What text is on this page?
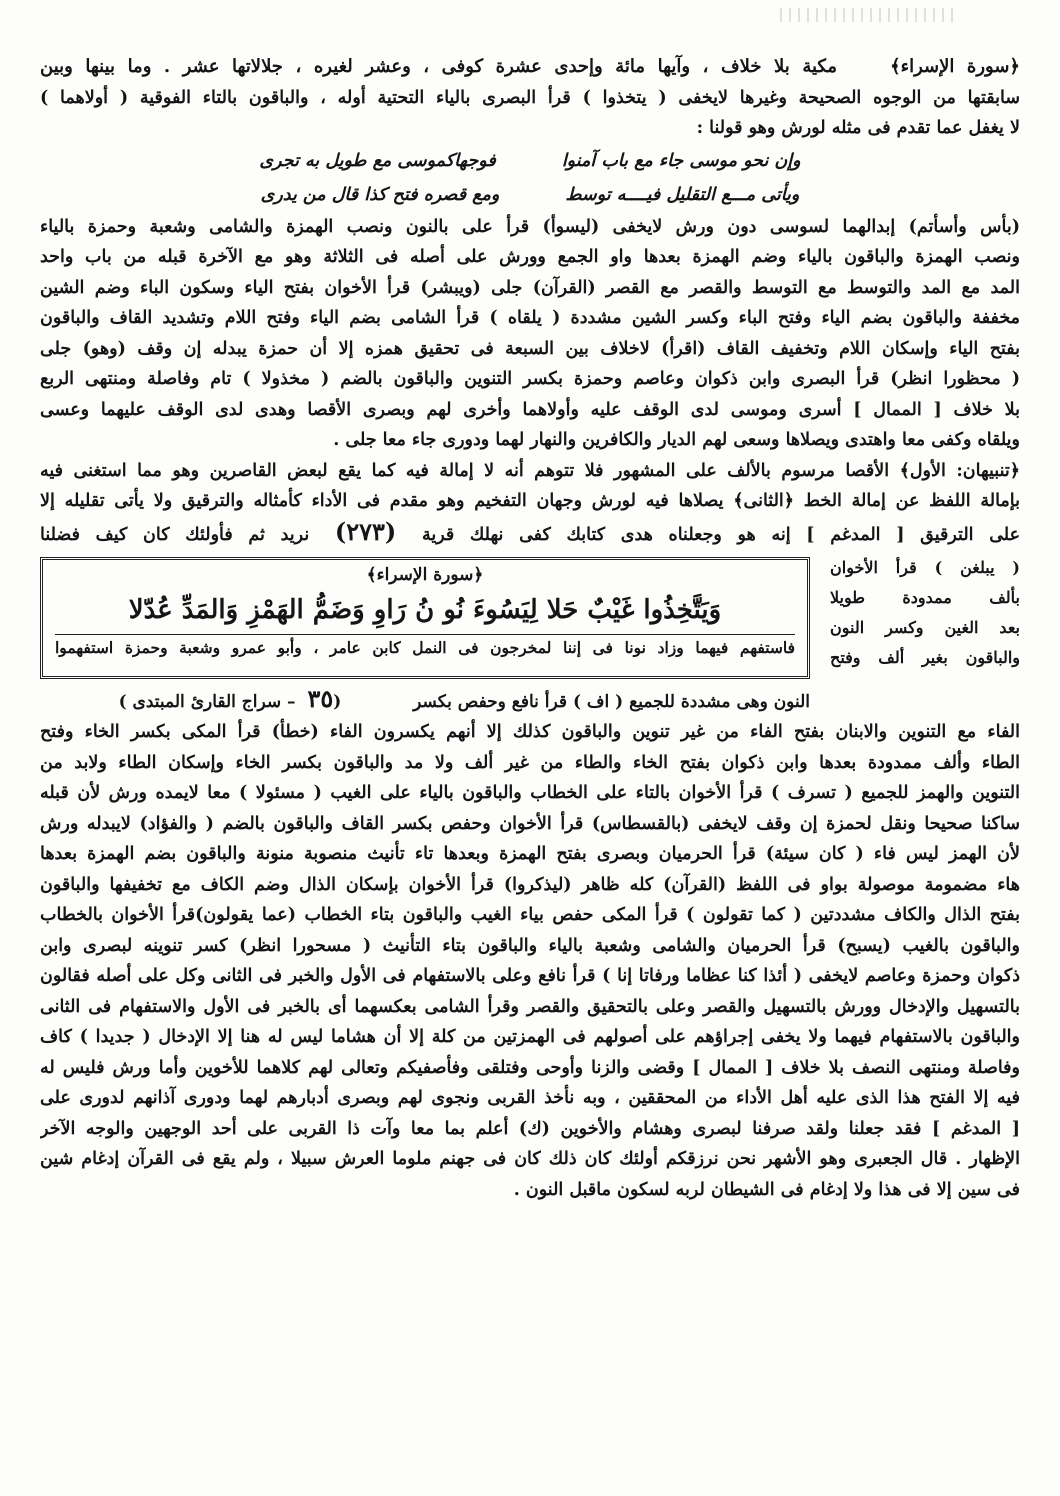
﴿سورة الإسراء﴾  مكية بلا خلاف ، وآيها مائة وإحدى عشرة كوفى ، وعشر لغيره ، جلالاتها عشر . وما بينها وبين
سابقتها من الوجوه الصحيحة وغيرها لايخفى ( يتخذوا ) قرأ البصرى بالياء التحتية أوله ، والباقون بالتاء الفوقية ( أولاهما )
لا يغفل عما تقدم فى مثله لورش وهو قولنا :
وإن نحو موسى جاء مع باب آمنوا فوجهاكموسى مع طويل به تجرى
ويأتى مـــع التقليل فيــــه توسط ومع قصره فتح كذا قال من يدرى
(بأس وأسأتم) إبدالهما لسوسى دون ورش لايخفى (ليسوأ) قرأ على بالنون ونصب الهمزة والشامى وشعبة وحمزة بالياء
ونصب الهمزة والباقون بالياء وضم الهمزة بعدها واو الجمع وورش على أصله فى الثلاثة وهو مع الآخرة قبله من باب واحد
المد مع المد والتوسط مع التوسط والقصر مع القصر (القرآن) جلى (ويبشر) قرأ الأخوان بفتح الياء وسكون الباء وضم الشين
مخففة والباقون بضم الياء وفتح الباء وكسر الشين مشددة ( يلقاه ) قرأ الشامى بضم الياء وفتح اللام وتشديد القاف والباقون
بفتح الياء وإسكان اللام وتخفيف القاف (اقرأ) لاخلاف بين السبعة فى تحقيق همزه إلا أن حمزة يبدله إن وقف (وهو) جلى
( محظورا انظر) قرأ البصرى وابن ذكوان وعاصم وحمزة بكسر التنوين والباقون بالضم ( مخذولا ) تام وفاصلة ومنتهى الربع
بلا خلاف [ الممال ] أسرى وموسى لدى الوقف عليه وأولاهما وأخرى لهم وبصرى الأقصا وهدى لدى الوقف عليهما وعسى
ويلقاه وكفى معا واهتدى ويصلاها وسعى لهم الديار والكافرين والنهار لهما ودورى جاء معا جلى .
﴿تنبيهان: الأول﴾ الأقصا مرسوم بالألف على المشهور فلا تتوهم أنه لا إمالة فيه كما يقع لبعض القاصرين وهو مما استغنى فيه
بإمالة اللفظ عن إمالة الخط ﴿الثانى﴾ يصلاها فيه لورش وجهان التفخيم وهو مقدم فى الأداء كأمثاله والترقيق ولا يأتى تقليله إلا
على الترقيق [ المدغم ] إنه هو وجعلناه هدى كتابك كفى نهلك قرية (٢٧٣) نريد ثم فأولئك كان كيف فضلنا
( يبلغن ) قرأ الأخوان
بألف ممدودة طويلا
بعد الغين وكسر النون
والباقون بغير ألف وفتح
﴿سورة الإسراء﴾
وَيَتَّخِذُوا غَيْبٌ حَلا لِيَسُوءَ نُو نُ رَاوِ وَضَمُّ الهَمْزِ وَالمَدِّ عُدّلا
فاستفهم فيهما وزاد نونا فى إننا لمخرجون فى النمل كابن عامر ، وأبو عمرو وشعبة وحمزة استفهموا
النون وهى مشددة للجميع ( اف ) قرأ نافع وحفص بكسر  (٣٥ – سراج القارئ المبتدى )
الفاء مع التنوين والابنان بفتح الفاء من غير تنوين والباقون كذلك إلا أنهم يكسرون الفاء (خطأ) قرأ المكى بكسر الخاء وفتح
الطاء وألف ممدودة بعدها وابن ذكوان بفتح الخاء والطاء من غير ألف ولا مد والباقون بكسر الخاء وإسكان الطاء ولابد من
التنوين والهمز للجميع ( تسرف ) قرأ الأخوان بالتاء على الخطاب والباقون بالياء على الغيب ( مسئولا ) معا لايمده ورش لأن قبله
ساكنا صحيحا ونقل لحمزة إن وقف لايخفى (بالقسطاس) قرأ الأخوان وحفص بكسر القاف والباقون بالضم ( والفؤاد) لايبدله ورش
لأن الهمز ليس فاء ( كان سيئة) قرأ الحرميان وبصرى بفتح الهمزة وبعدها تاء تأنيث منصوبة منونة والباقون بضم الهمزة بعدها
هاء مضمومة موصولة بواو فى اللفظ (القرآن) كله ظاهر (ليذكروا) قرأ الأخوان بإسكان الذال وضم الكاف مع تخفيفها والباقون
بفتح الذال والكاف مشددتين ( كما تقولون ) قرأ المكى حفص بياء الغيب والباقون بتاء الخطاب (عما يقولون)قرأ الأخوان بالخطاب
والباقون بالغيب (يسبح) قرأ الحرميان والشامى وشعبة بالياء والباقون بتاء التأنيث ( مسحورا انظر) كسر تنوينه لبصرى وابن
ذكوان وحمزة وعاصم لايخفى ( أئذا كنا عظاما ورفاتا إنا ) قرأ نافع وعلى بالاستفهام فى الأول والخبر فى الثانى وكل على أصله فقالون
بالتسهيل والإدخال وورش بالتسهيل والقصر وعلى بالتحقيق والقصر وقرأ الشامى بعكسهما أى بالخبر فى الأول والاستفهام فى الثانى
والباقون بالاستفهام فيهما ولا يخفى إجراؤهم على أصولهم فى الهمزتين من كلة إلا أن هشاما ليس له هنا إلا الإدخال ( جديدا ) كاف
وفاصلة ومنتهى النصف بلا خلاف [ الممال ] وقضى والزنا وأوحى وفتلقى وفأصفيكم وتعالى لهم كلاهما للأخوين وأما ورش فليس له
فيه إلا الفتح هذا الذى عليه أهل الأداء من المحققين ، وبه نأخذ القربى ونجوى لهم وبصرى أدبارهم لهما ودورى آذانهم لدورى على
[ المدغم ] فقد جعلنا ولقد صرفنا لبصرى وهشام والأخوين (ك) أعلم بما معا وآت ذا القربى على أحد الوجهين والوجه الآخر
الإظهار . قال الجعبرى وهو الأشهر نحن نرزقكم أولئك كان ذلك كان فى جهنم ملوما العرش سبيلا ، ولم يقع فى القرآن إدغام شين
فى سين إلا فى هذا ولا إدغام فى الشيطان لربه لسكون ماقبل النون .
